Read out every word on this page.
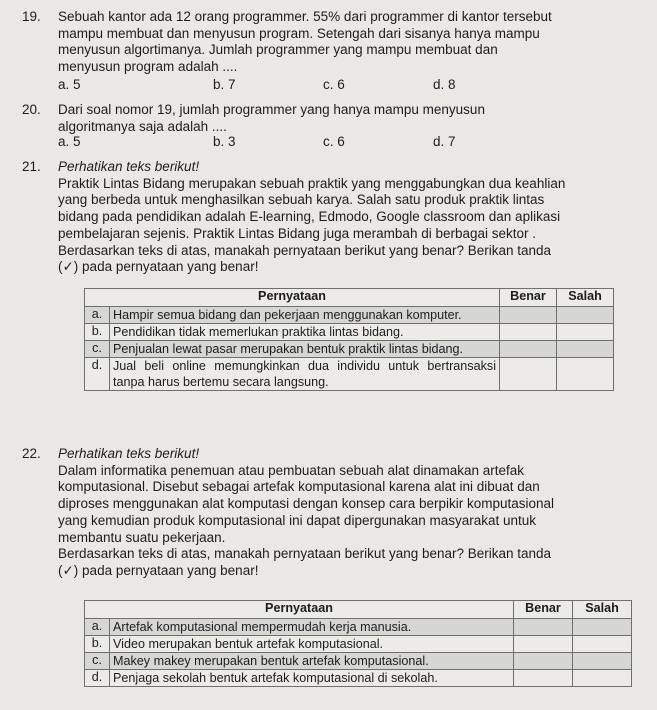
19. Sebuah kantor ada 12 orang programmer. 55% dari programmer di kantor tersebut
mampu membuat dan menyusun program. Setengah dari sisanya hanya mampu
menyusun algortimanya. Jumlah programmer yang mampu membuat dan
menyusun program adalah ....
a. 5	b. 7	c. 6	d. 8
20. Dari soal nomor 19, jumlah programmer yang hanya mampu menyusun
algoritmanya saja adalah ....
a. 5	b. 3	c. 6	d. 7
21. Perhatikan teks berikut!
Praktik Lintas Bidang merupakan sebuah praktik yang menggabungkan dua keahlian
yang berbeda untuk menghasilkan sebuah karya. Salah satu produk praktik lintas
bidang pada pendidikan adalah E-learning, Edmodo, Google classroom dan aplikasi
pembelajaran sejenis. Praktik Lintas Bidang juga merambah di berbagai sektor .
Berdasarkan teks di atas, manakah pernyataan berikut yang benar? Berikan tanda
(✓) pada pernyataan yang benar!
Pernyataan		Benar	Salah
a.	Hampir semua bidang dan pekerjaan menggunakan komputer.		
b.	Pendidikan tidak memerlukan praktika lintas bidang.		
c.	Penjualan lewat pasar merupakan bentuk praktik lintas bidang.		
d.	Jual beli online memungkinkan dua individu untuk bertransaksi tanpa harus bertemu secara langsung.		
22. Perhatikan teks berikut!
Dalam informatika penemuan atau pembuatan sebuah alat dinamakan artefak
komputasional. Disebut sebagai artefak komputasional karena alat ini dibuat dan
diproses menggunakan alat komputasi dengan konsep cara berpikir komputasional
yang kemudian produk komputasional ini dapat dipergunakan masyarakat untuk
membantu suatu pekerjaan.
Berdasarkan teks di atas, manakah pernyataan berikut yang benar? Berikan tanda
(✓) pada pernyataan yang benar!
Pernyataan		Benar	Salah
a.	Artefak komputasional mempermudah kerja manusia.		
b.	Video merupakan bentuk artefak komputasional.		
c.	Makey makey merupakan bentuk artefak komputasional.		
d.	Penjaga sekolah bentuk artefak komputasional di sekolah.		
